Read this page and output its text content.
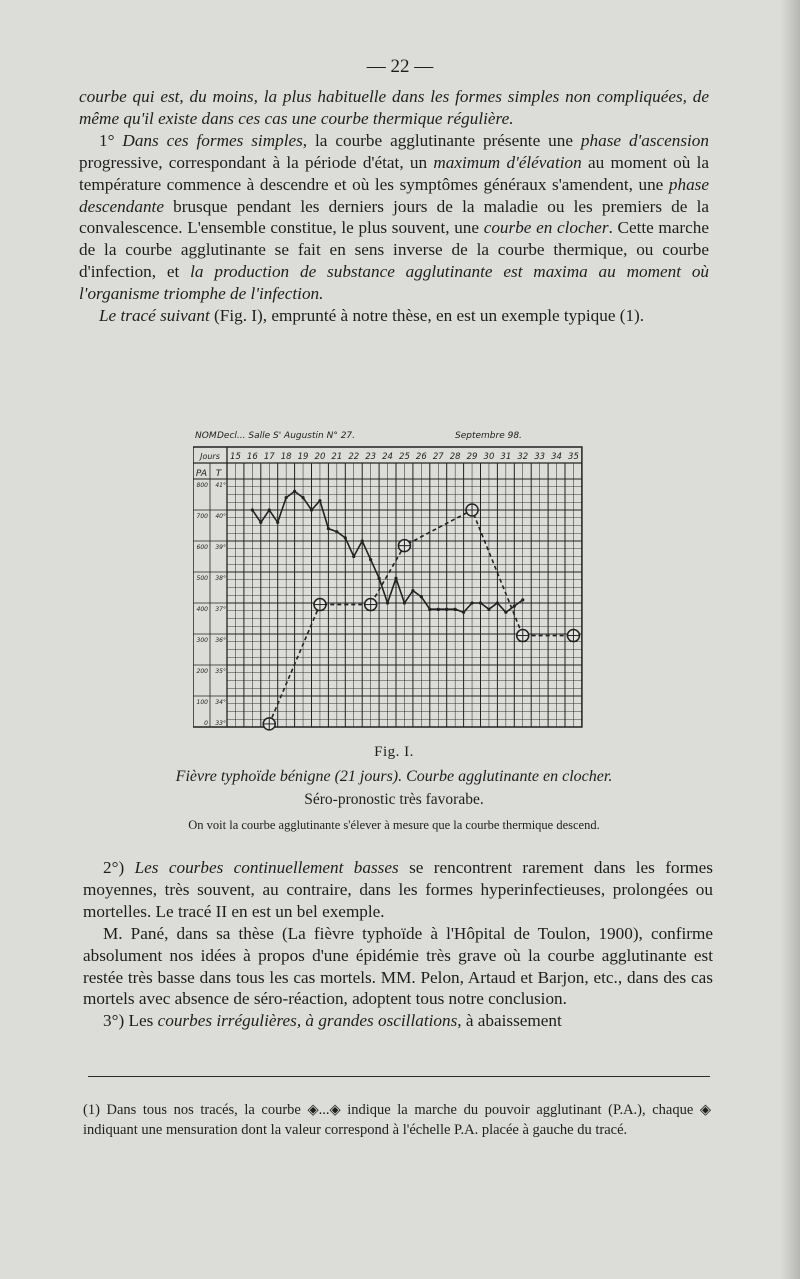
— 22 —

courbe qui est, du moins, la plus habituelle dans les formes simples non compliquées, de même qu'il existe dans ces cas une courbe thermique régulière.

1° Dans ces formes simples, la courbe agglutinante présente une phase d'ascension progressive, correspondant à la période d'état, un maximum d'élévation au moment où la température commence à descendre et où les symptômes généraux s'amendent, une phase descendante brusque pendant les derniers jours de la maladie ou les premiers de la convalescence. L'ensemble constitue, le plus souvent, une courbe en clocher. Cette marche de la courbe agglutinante se fait en sens inverse de la courbe thermique, ou courbe d'infection, et la production de substance agglutinante est maxima au moment où l'organisme triomphe de l'infection.

Le tracé suivant (Fig. I), emprunté à notre thèse, en est un exemple typique (1).

NOM Decl... Salle S' Augustin N° 27.	Septembre 98.
Jours 15 16 17 18 19 20 21 22 23 24 25 26 27 28 29 30 31 32 33 34 35
PA T
800 41°
700 40°
600 39°
500 38°
400 37°
300 36°
200 35°
100 34°
0 33°
Fig. I.
Fièvre typhoïde bénigne (21 jours). Courbe agglutinante en clocher.
Séro-pronostic très favorabe.
On voit la courbe agglutinante s'élever à mesure que la courbe thermique descend.

2°) Les courbes continuellement basses se rencontrent rarement dans les formes moyennes, très souvent, au contraire, dans les formes hyperinfectieuses, prolongées ou mortelles. Le tracé II en est un bel exemple.

M. Pané, dans sa thèse (La fièvre typhoïde à l'Hôpital de Toulon, 1900), confirme absolument nos idées à propos d'une épidémie très grave où la courbe agglutinante est restée très basse dans tous les cas mortels. MM. Pelon, Artaud et Barjon, etc., dans des cas mortels avec absence de séro-réaction, adoptent tous notre conclusion.

3°) Les courbes irrégulières, à grandes oscillations, à abaissement

(1) Dans tous nos tracés, la courbe ◈...◈ indique la marche du pouvoir agglutinant (P.A.), chaque ◈ indiquant une mensuration dont la valeur correspond à l'échelle P.A. placée à gauche du tracé.
